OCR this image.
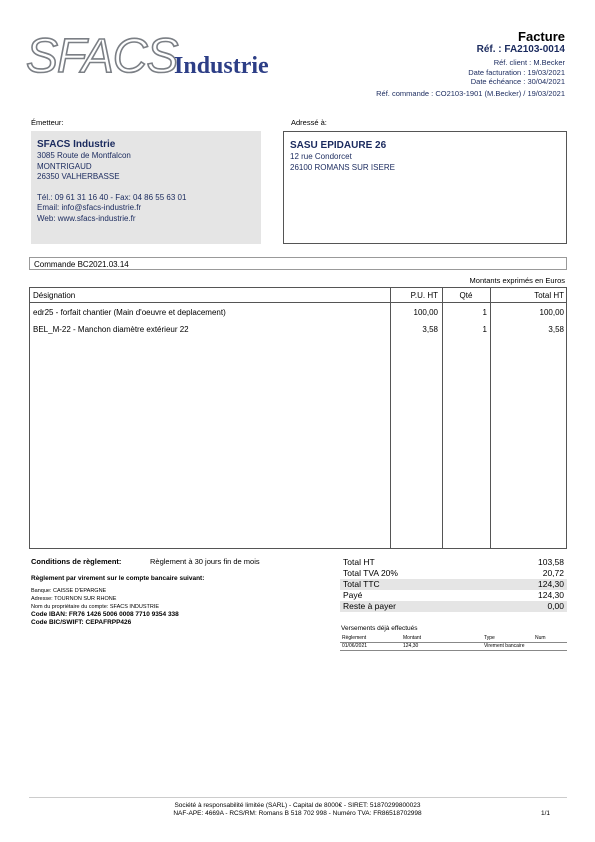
SFACS
Industrie
Facture
Réf. : FA2103-0014
Réf. client : M.Becker
Date facturation : 19/03/2021
Date échéance : 30/04/2021
Réf. commande : CO2103-1901 (M.Becker) / 19/03/2021
Émetteur:
SFACS Industrie
3085 Route de Montfalcon
MONTRIGAUD
26350 VALHERBASSE
Tél.: 09 61 31 16 40 - Fax: 04 86 55 63 01
Email: info@sfacs-industrie.fr
Web: www.sfacs-industrie.fr
Adressé à:
SASU EPIDAURE 26
12 rue Condorcet
26100 ROMANS SUR ISERE
Commande BC2021.03.14
Montants exprimés en Euros
Désignation	P.U. HT	Qté	Total HT
edr25 - forfait chantier (Main d'oeuvre et deplacement)	100,00	1	100,00
BEL_M-22 - Manchon diamètre extérieur 22	3,58	1	3,58
Conditions de règlement:	Règlement à 30 jours fin de mois
Règlement par virement sur le compte bancaire suivant:
Banque: CAISSE D'EPARGNE
Adresse: TOURNON SUR RHONE
Nom du propriétaire du compte: SFACS INDUSTRIE
Code IBAN: FR76 1426 5006 0008 7710 9354 338
Code BIC/SWIFT: CEPAFRPP426
Total HT	103,58
Total TVA 20%	20,72
Total TTC	124,30
Payé	124,30
Reste à payer	0,00
Versements déjà effectués
Règlement	Montant	Type	Num
01/06/2021	124,30	Virement bancaire
Société à responsabilité limitée (SARL) - Capital de 8000€ - SIRET: 51870299800023
NAF-APE: 4669A - RCS/RM: Romans B 518 702 998 - Numéro TVA: FR86518702998	1/1
